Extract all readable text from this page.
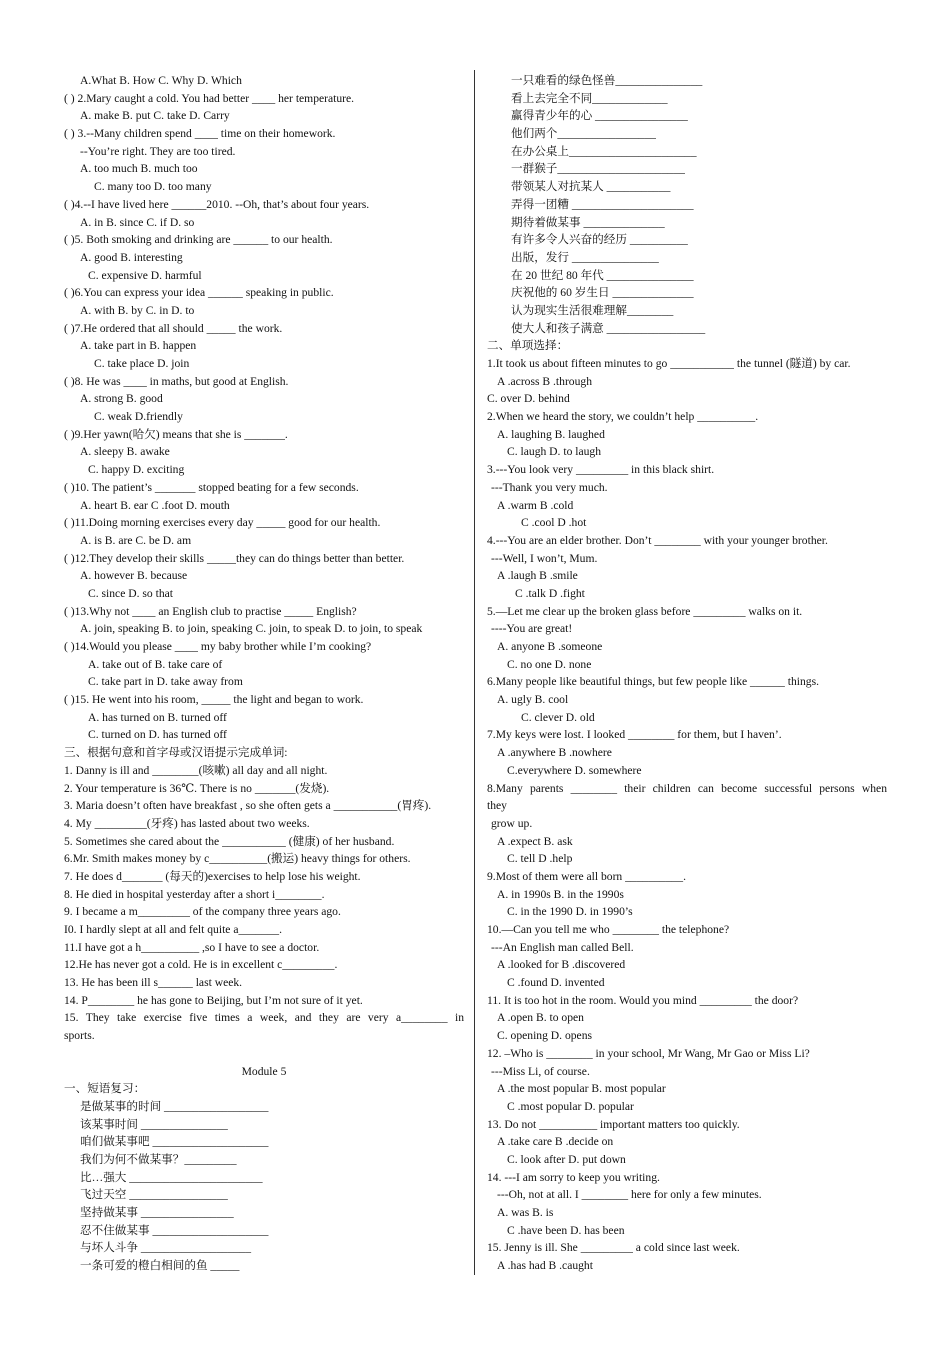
A.What B. How C. Why D. Which
( ) 2.Mary caught a cold. You had better ____ her temperature.
A. make B. put C. take D. Carry
( ) 3.--Many children spend ____ time on their homework.
--You’re right. They are too tired.
A. too much B. much too
C. many too D. too many
( )4.--I have lived here ______2010. --Oh, that’s about four years.
A. in B. since C. if D. so
( )5. Both smoking and drinking are ______ to our health.
A. good B. interesting
C. expensive D. harmful
( )6.You can express your idea ______ speaking in public.
A. with B. by C. in D. to
( )7.He ordered that all should _____ the work.
A. take part in B. happen
C. take place D. join
( )8. He was ____ in maths, but good at English.
A. strong B. good
C. weak D.friendly
( )9.Her yawn(哈欠) means that she is _______.
A. sleepy B. awake
C. happy D. exciting
( )10. The patient’s _______ stopped beating for a few seconds.
A. heart B. ear C .foot D. mouth
( )11.Doing morning exercises every day _____ good for our health.
A. is B. are C. be D. am
( )12.They develop their skills _____they can do things better than better.
A. however B. because
C. since D. so that
( )13.Why not ____ an English club to practise _____ English?
A. join, speaking B. to join, speaking C. join, to speak D. to join, to speak
( )14.Would you please ____ my baby brother while I’m cooking?
A. take out of B. take care of
C. take part in D. take away from
( )15. He went into his room, _____ the light and began to work.
A. has turned on B. turned off
C. turned on D. has turned off
三、根据句意和首字母或汉语提示完成单词:
1. Danny is ill and ________(咳嗽) all day and all night.
2. Your temperature is 36℃. There is no _______(发烧).
3. Maria doesn’t often have breakfast , so she often gets a ___________(胃疼).
4. My _________(牙疼) has lasted about two weeks.
5. Sometimes she cared about the ___________ (健康) of her husband.
6.Mr. Smith makes money by c__________(搬运) heavy things for others.
7. He does d_______ (每天的)exercises to help lose his weight.
8. He died in hospital yesterday after a short i________.
9. I became a m_________ of the company three years ago.
I0. I hardly slept at all and felt quite a_______.
11.I have got a h__________ ,so I have to see a doctor.
12.He has never got a cold. He is in excellent c_________.
13. He has been ill s______ last week.
14. P________ he has gone to Beijing, but I’m not sure of it yet.
15. They take exercise five times a week, and they are very a________ in
sports.
Module 5
一、短语复习：
是做某事的时间 __________________
该某事时间 _______________
咱们做某事吧 ____________________
我们为何不做某事？_________
比…强大 _______________________
飞过天空 _________________
坚持做某事 ________________
忍不住做某事 ____________________
与坏人斗争 ___________________
一条可爱的橙白相间的鱼 _____
一只难看的绿色怪兽_______________
看上去完全不同_____________
赢得青少年的心 ________________
他们两个_________________
在办公桌上______________________
一群猴子______________________
带领某人对抗某人 ___________
弄得一团糟 _____________________
期待着做某事 ______________
有许多令人兴奋的经历 __________
出版，发行 _______________
在 20 世纪 80 年代 _______________
庆祝他的 60 岁生日 ______________
认为现实生活很难理解________
使大人和孩子满意 _________________
二、单项选择：
1.It took us about fifteen minutes to go ___________ the tunnel (隧道) by car.
A .across B .through
C. over D. behind
2.When we heard the story, we couldn’t help __________.
A. laughing B. laughed
C. laugh D. to laugh
3.---You look very _________ in this black shirt.
---Thank you very much.
A .warm B .cold
C .cool D .hot
4.---You are an elder brother. Don’t ________ with your younger brother.
---Well, I won’t, Mum.
A .laugh B .smile
C .talk D .fight
5.—Let me clear up the broken glass before _________ walks on it.
----You are great!
A. anyone B .someone
C. no one D. none
6.Many people like beautiful things, but few people like ______ things.
A. ugly B. cool
C. clever D. old
7.My keys were lost. I looked ________ for them, but I haven’.
A .anywhere B .nowhere
C.everywhere D. somewhere
8.Many parents ________ their children can become successful persons when
they
grow up.
A .expect B. ask
C. tell D .help
9.Most of them were all born __________.
A. in 1990s B. in the 1990s
C. in the 1990 D. in 1990’s
10.—Can you tell me who ________ the telephone?
---An English man called Bell.
A .looked for B .discovered
C .found D. invented
11. It is too hot in the room. Would you mind _________ the door?
A .open B. to open
C. opening D. opens
12. –Who is ________ in your school, Mr Wang, Mr Gao or Miss Li?
---Miss Li, of course.
A .the most popular B. most popular
C .most popular D. popular
13. Do not __________ important matters too quickly.
A .take care B .decide on
C. look after D. put down
14. ---I am sorry to keep you writing.
---Oh, not at all. I ________ here for only a few minutes.
A. was B. is
C .have been D. has been
15. Jenny is ill. She _________ a cold since last week.
A .has had B .caught
